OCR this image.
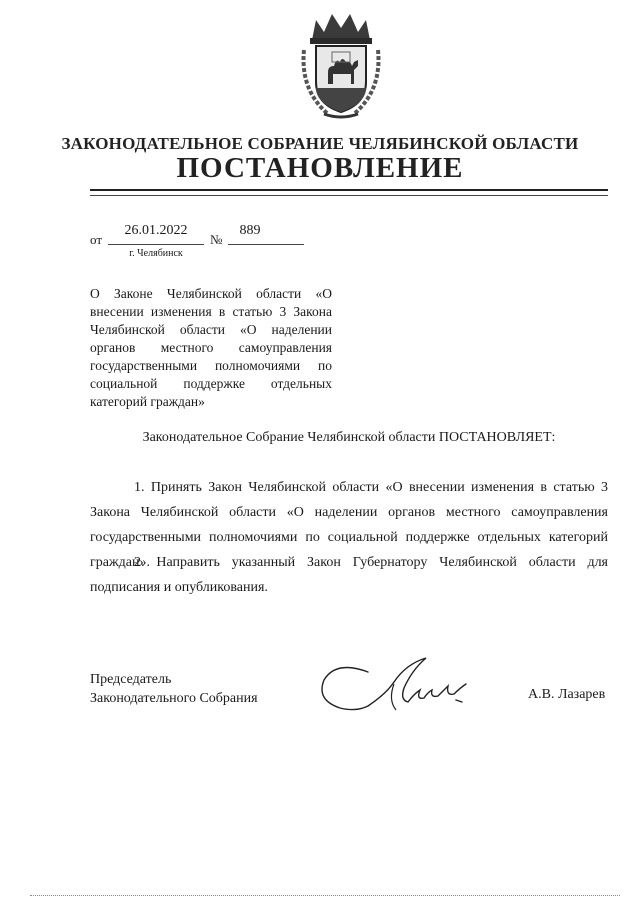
ЗАКОНОДАТЕЛЬНОЕ СОБРАНИЕ ЧЕЛЯБИНСКОЙ ОБЛАСТИ
ПОСТАНОВЛЕНИЕ
от
26.01.2022
№
889
г. Челябинск
О Законе Челябинской области «О внесении изменения в статью 3 Закона Челябинской области «О наделении органов местного самоуправления государственными полномочиями по социальной поддержке отдельных категорий граждан»
Законодательное Собрание Челябинской области ПОСТАНОВЛЯЕТ:
1. Принять Закон Челябинской области «О внесении изменения в статью 3 Закона Челябинской области «О наделении органов местного самоуправления государственными полномочиями по социальной поддержке отдельных категорий граждан».
2. Направить указанный Закон Губернатору Челябинской области для подписания и опубликования.
Председатель
Законодательного Собрания	А.В. Лазарев
